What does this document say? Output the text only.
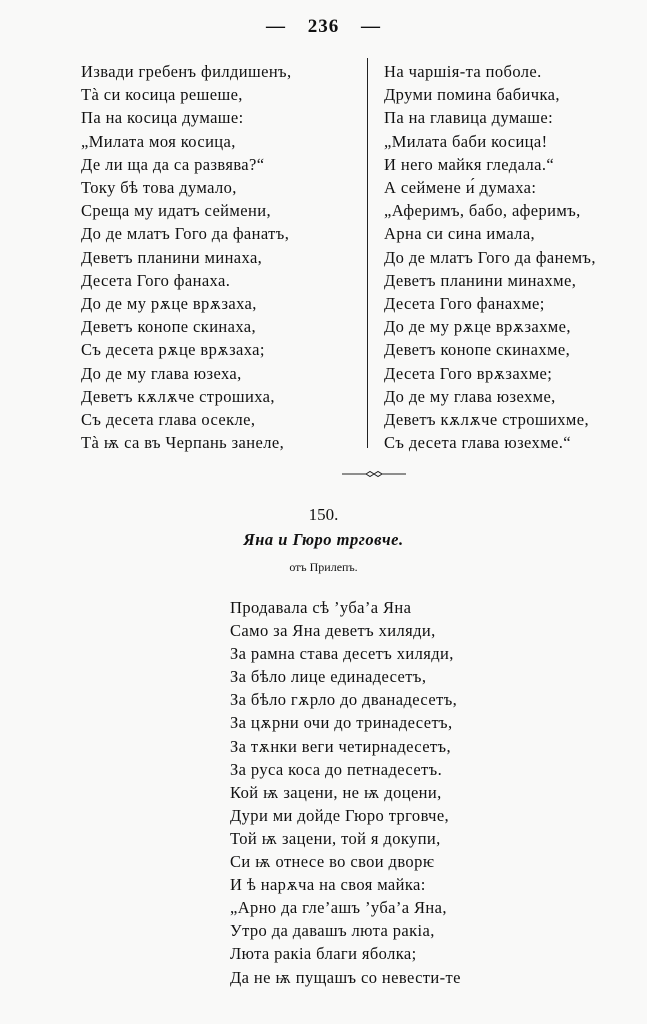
— 236 —
Извади гребенъ филдишенъ,
Тà си косица решеше,
Па на косица думаше:
„Милата моя косица,
Де ли ща да са развява?“
Току бѣ това думало,
Среща му идатъ сеймени,
До де млатъ Гого да фанатъ,
Деветъ планини минаха,
Десета Гого фанаха.
До де му рѫце врѫзаха,
Деветъ конопе скинаха,
Съ десета рѫце врѫзаха;
До де му глава юзеха,
Деветъ кѫлѫче строшиха,
Съ десета глава осекле,
Тà ѭ са въ Черпань занеле,
На чаршія-та поболе.
Друми помина бабичка,
Па на главица думаше:
„Милата баби косица!
И него майкя гледала.“
А сеймене и́ думаха:
„Аферимъ, бабо, аферимъ,
Арна си сина имала,
До де млатъ Гого да фанемъ,
Деветъ планини минахме,
Десета Гого фанахме;
До де му рѫце врѫзахме,
Деветъ конопе скинахме,
Десета Гого врѫзахме;
До де му глава юзехме,
Деветъ кѫлѫче строшихме,
Съ десета глава юзехме.“
150.
Яна и Гюро трговче.
отъ Прилепъ.
Продавала сѣ ’уба’а Яна
Само за Яна деветъ хиляди,
За рамна става десетъ хиляди,
За бѣло лице единадесетъ,
За бѣло гѫрло до дванадесетъ,
За цѫрни очи до тринадесетъ,
За тѫнки веги четирнадесетъ,
За руса коса до петнадесетъ.
Кой ѭ зацени, не ѭ доцени,
Дури ми дойде Гюро трговче,
Той ѭ зацени, той я докупи,
Си ѭ отнесе во свои дворѥ
И ѣ нарѫча на своя майка:
„Арно да гле’ашъ ’уба’а Яна,
Утро да давашъ люта ракіа,
Люта ракіа благи яболка;
Да не ѭ пущашъ со невести-те
